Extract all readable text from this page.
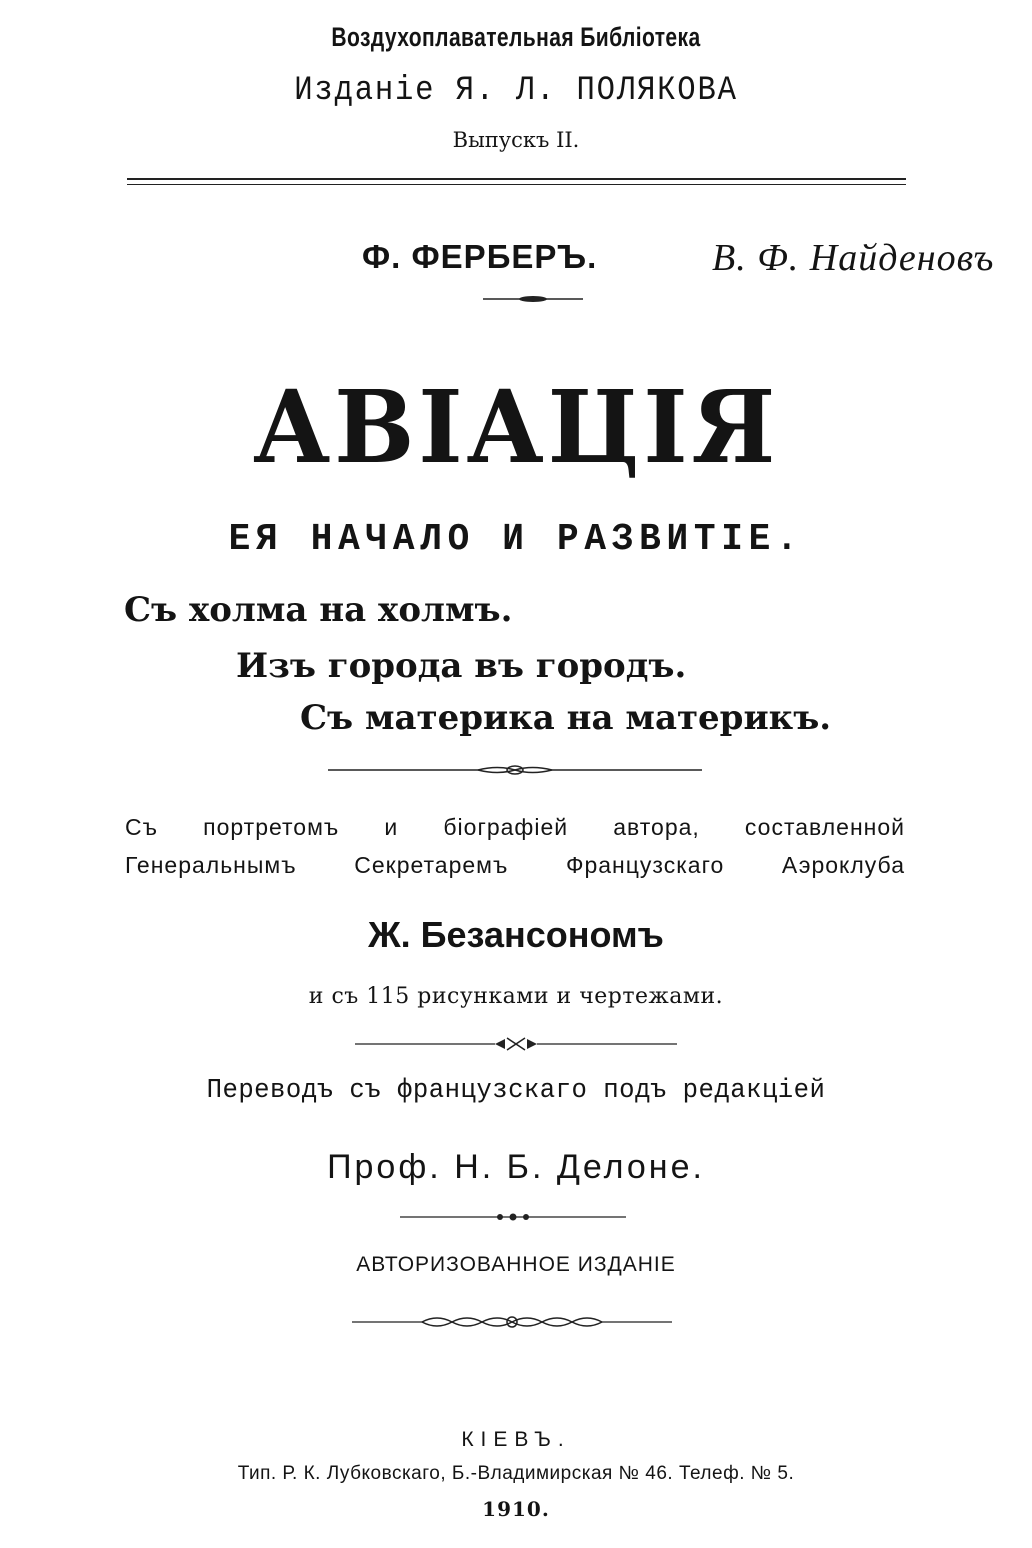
Воздухоплавательная Библіотека
Изданіе Я. Л. ПОЛЯКОВА
Выпускъ II.
Ф. ФЕРБЕРЪ.	В. Ф. Найденовъ
АВІАЦІЯ
ЕЯ НАЧАЛО И РАЗВИТІЕ.
Съ холма на холмъ.
Изъ города въ городъ.
Съ материка на материкъ.
Съ портретомъ и біографіей автора, составленной
Генеральнымъ Секретаремъ Французскаго Аэроклуба
Ж. Безансономъ
и съ 115 рисунками и чертежами.
Переводъ съ французскаго подъ редакціей
Проф. Н. Б. Делоне.
АВТОРИЗОВАННОЕ ИЗДАНІЕ
КІЕВЪ.
Тип. Р. К. Лубковскаго, Б.-Владимирская № 46. Телеф. № 5.
1910.
